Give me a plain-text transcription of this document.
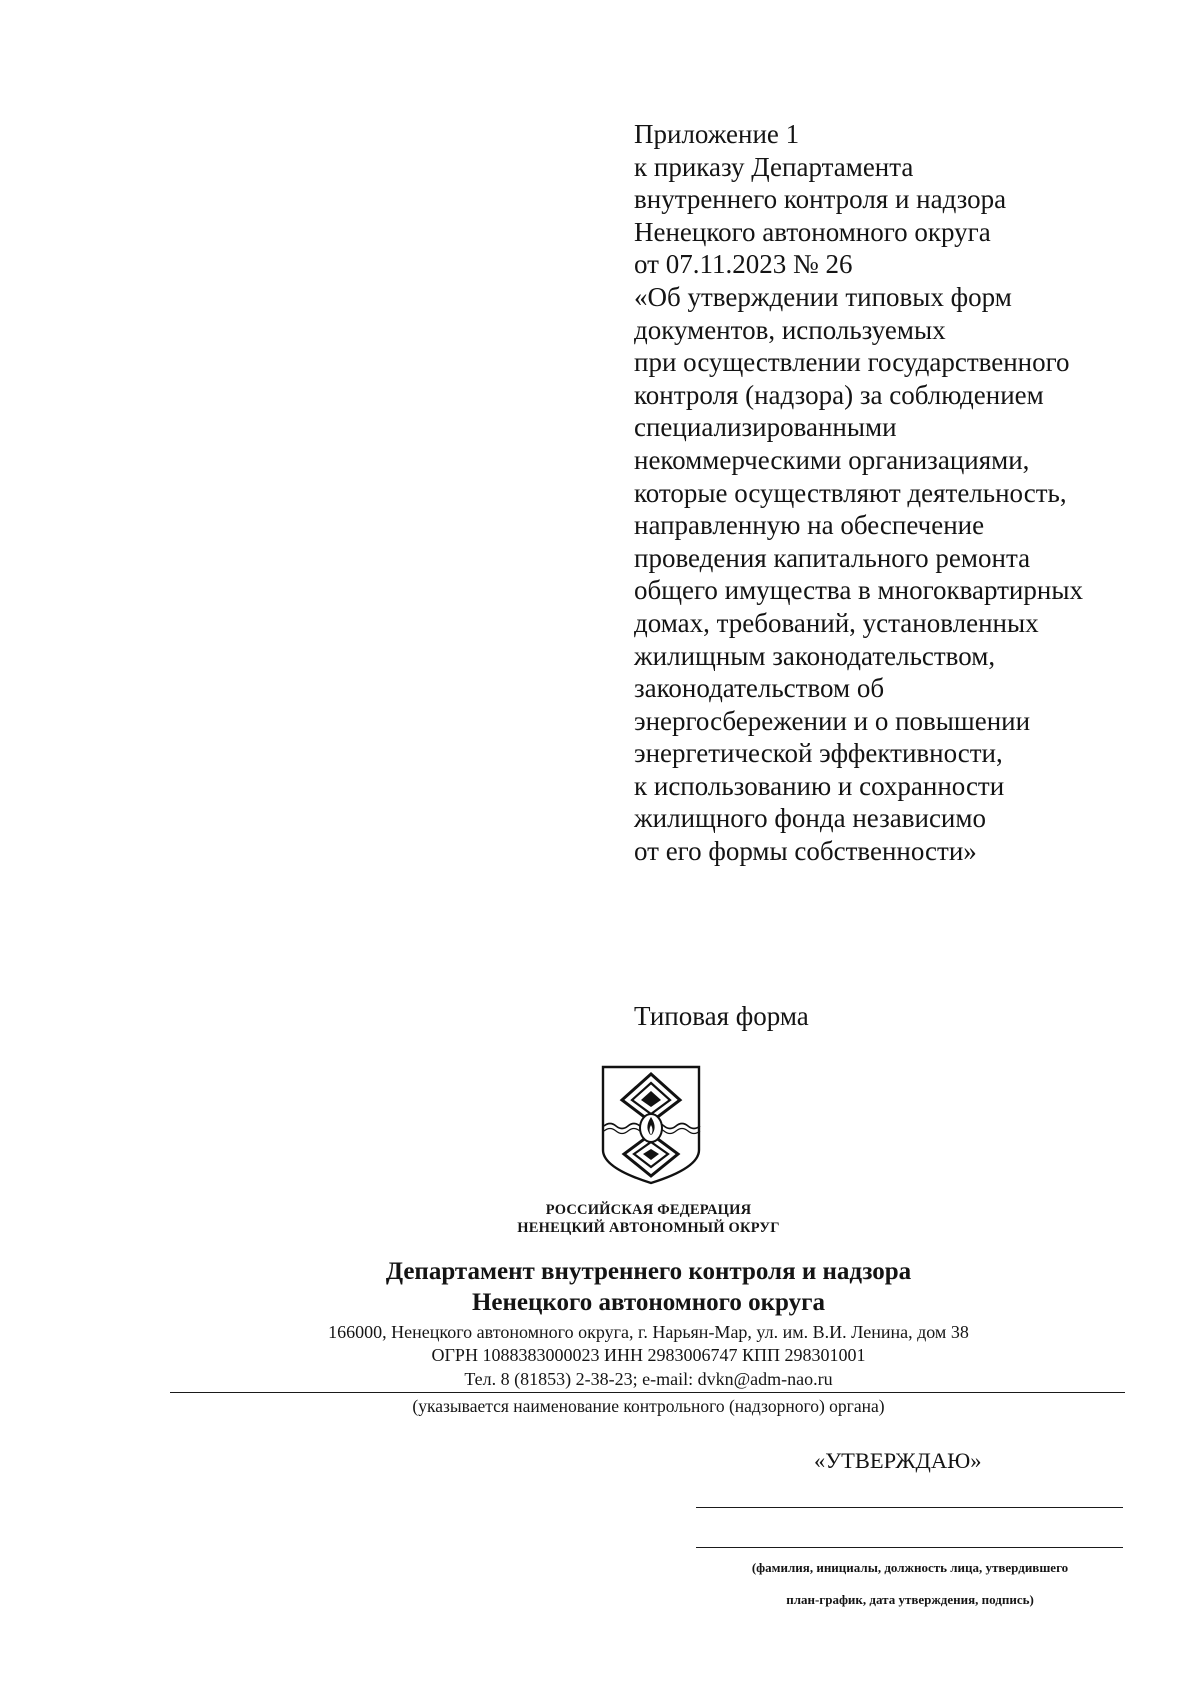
Приложение 1
к приказу Департамента
внутреннего контроля и надзора
Ненецкого автономного округа
от 07.11.2023 № 26
«Об утверждении типовых форм
документов, используемых
при осуществлении государственного
контроля (надзора) за соблюдением
специализированными
некоммерческими организациями,
которые осуществляют деятельность,
направленную на обеспечение
проведения капитального ремонта
общего имущества в многоквартирных
домах, требований, установленных
жилищным законодательством,
законодательством об
энергосбережении и о повышении
энергетической эффективности,
к использованию и сохранности
жилищного фонда независимо
от его формы собственности»
Типовая форма
РОССИЙСКАЯ ФЕДЕРАЦИЯ
НЕНЕЦКИЙ АВТОНОМНЫЙ ОКРУГ
Департамент внутреннего контроля и надзора
Ненецкого автономного округа
166000, Ненецкого автономного округа, г. Нарьян-Мар, ул. им. В.И. Ленина, дом 38
ОГРН 1088383000023 ИНН 2983006747 КПП 298301001
Тел. 8 (81853) 2-38-23; e-mail: dvkn@adm-nao.ru
(указывается наименование контрольного (надзорного) органа)
«УТВЕРЖДАЮ»
(фамилия, инициалы, должность лица, утвердившего
план-график, дата утверждения, подпись)
